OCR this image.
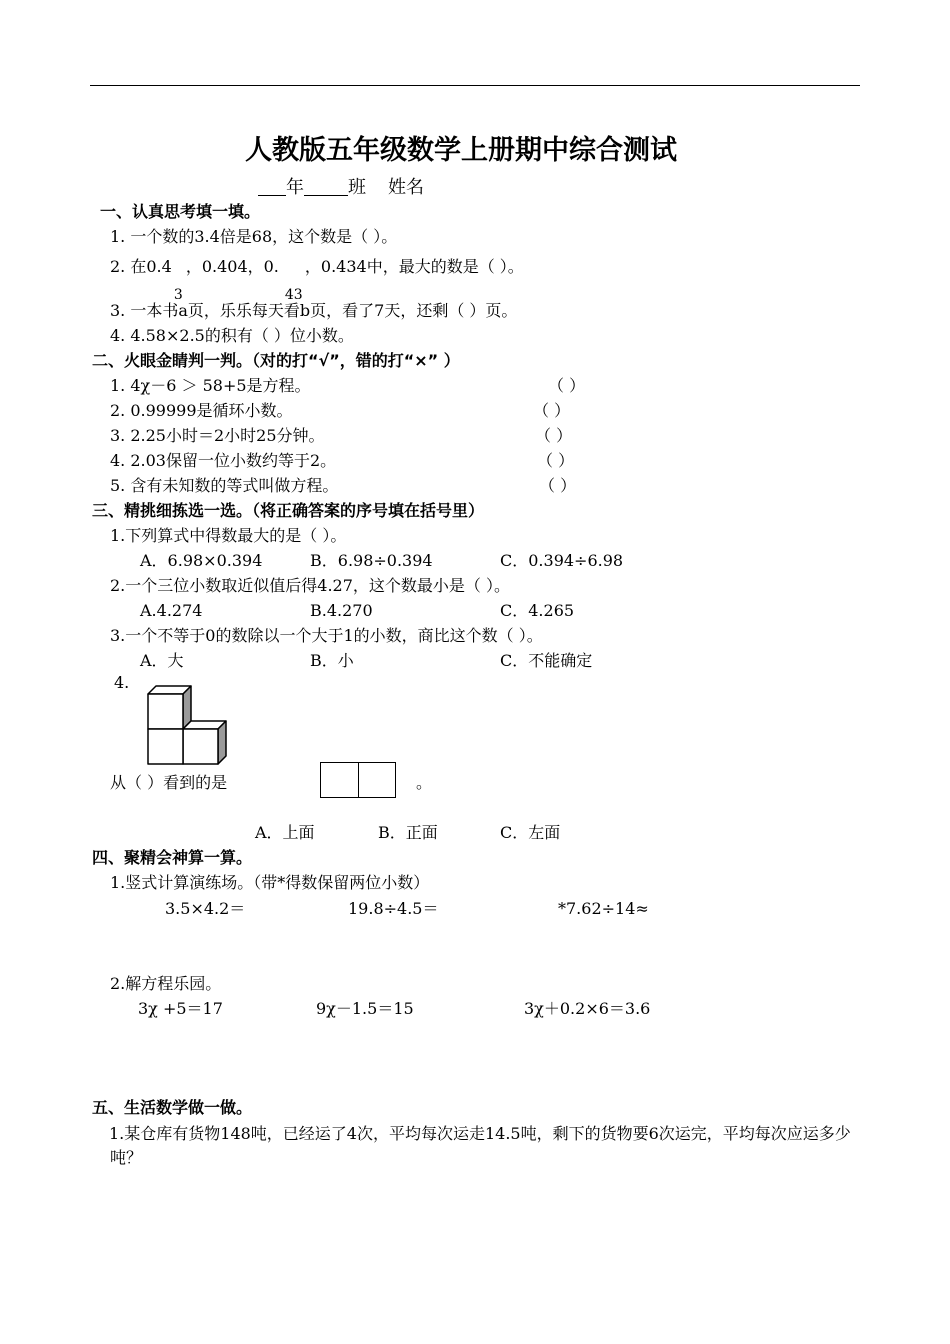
人教版五年级数学上册期中综合测试
年 班 姓名
一、认真思考填一填。
1. 一个数的3.4倍是68，这个数是（ ）。
2. 在0.4
3
，0.404，0.
43
，0.434中，最大的数是（ ）。
3. 一本书a页，乐乐每天看b页，看了7天，还剩（ ）页。
4. 4.58×2.5的积有（ ）位小数。
二、火眼金睛判一判。（对的打“√”，错的打“×” ）
1. 4χ－6 ＞ 58+5是方程。	（ ）
2. 0.99999是循环小数。	（ ）
3. 2.25小时＝2小时25分钟。	（ ）
4. 2.03保留一位小数约等于2。	（ ）
5. 含有未知数的等式叫做方程。	（ ）
三、精挑细拣选一选。（将正确答案的序号填在括号里）
1.下列算式中得数最大的是（ ）。
A．6.98×0.394	B．6.98÷0.394	C．0.394÷6.98
2.一个三位小数取近似值后得4.27，这个数最小是（ ）。
A.4.274	B.4.270	C．4.265
3.一个不等于0的数除以一个大于1的小数，商比这个数（ ）。
A．大	B．小	C．不能确定
4.
从（ ）看到的是	。
A．上面	B．正面	C．左面
四、聚精会神算一算。
1.竖式计算演练场。（带*得数保留两位小数）
3.5×4.2＝	19.8÷4.5＝	*7.62÷14≈
2.解方程乐园。
3χ +5＝17	9χ－1.5＝15	3χ＋0.2×6＝3.6
五、生活数学做一做。
1.某仓库有货物148吨，已经运了4次，平均每次运走14.5吨，剩下的货物要6次运完，平均每次应运多少吨？
